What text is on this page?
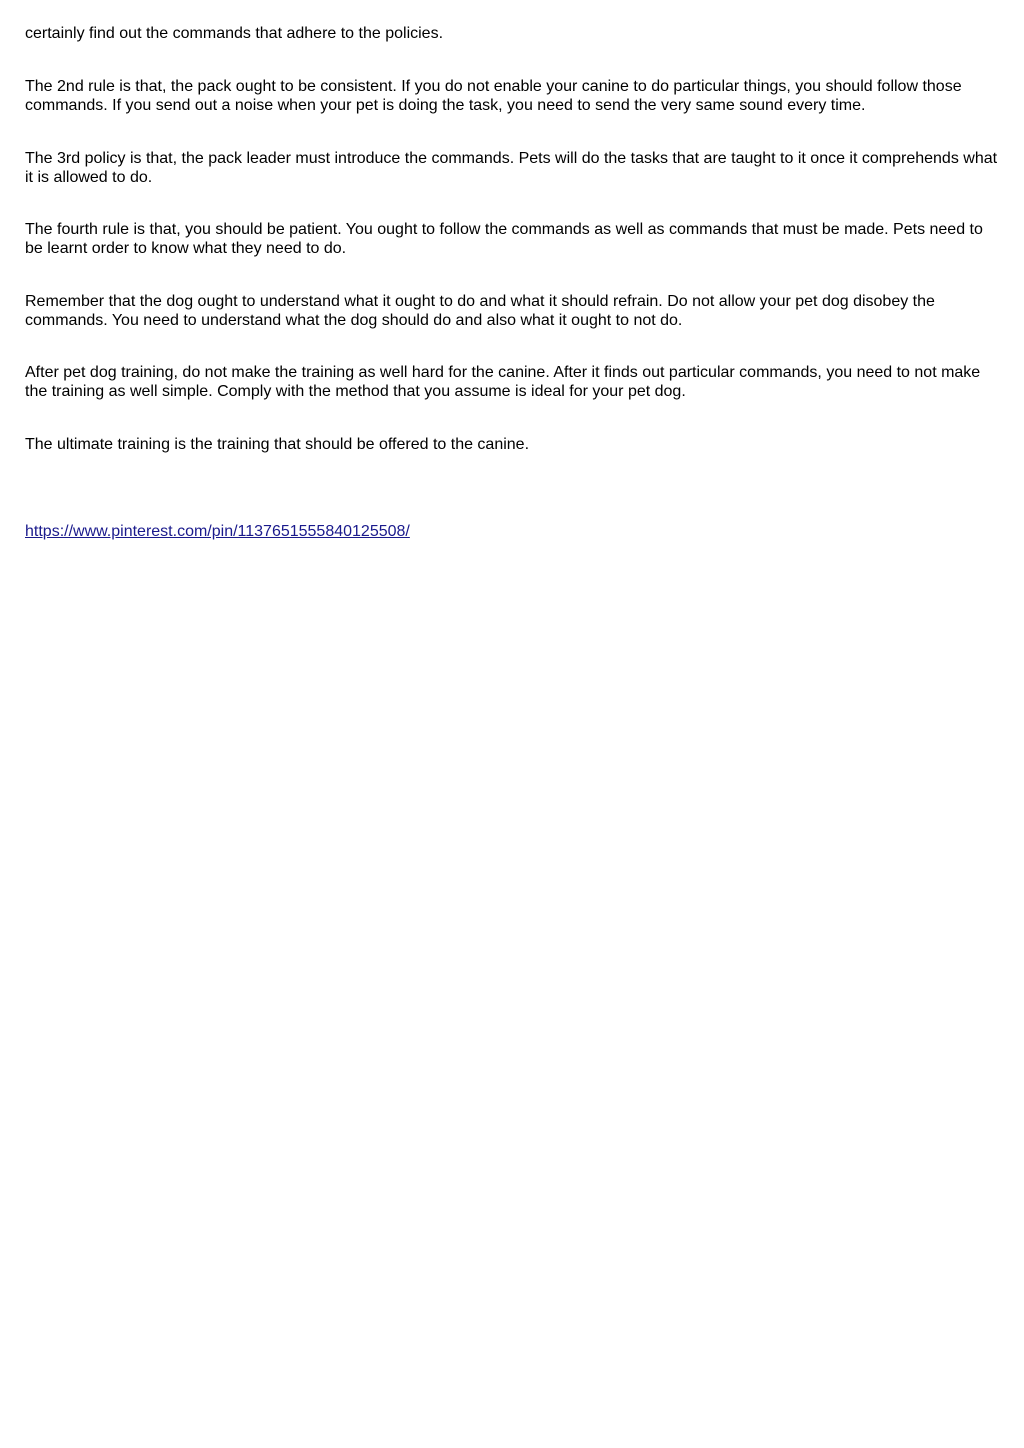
certainly find out the commands that adhere to the policies.

The 2nd rule is that, the pack ought to be consistent. If you do not enable your canine to do particular things, you should follow those commands. If you send out a noise when your pet is doing the task, you need to send the very same sound every time.

The 3rd policy is that, the pack leader must introduce the commands. Pets will do the tasks that are taught to it once it comprehends what it is allowed to do.

The fourth rule is that, you should be patient. You ought to follow the commands as well as commands that must be made. Pets need to be learnt order to know what they need to do.

Remember that the dog ought to understand what it ought to do and what it should refrain. Do not allow your pet dog disobey the commands. You need to understand what the dog should do and also what it ought to not do.

After pet dog training, do not make the training as well hard for the canine. After it finds out particular commands, you need to not make the training as well simple. Comply with the method that you assume is ideal for your pet dog.

The ultimate training is the training that should be offered to the canine.

https://www.pinterest.com/pin/1137651555840125508/
